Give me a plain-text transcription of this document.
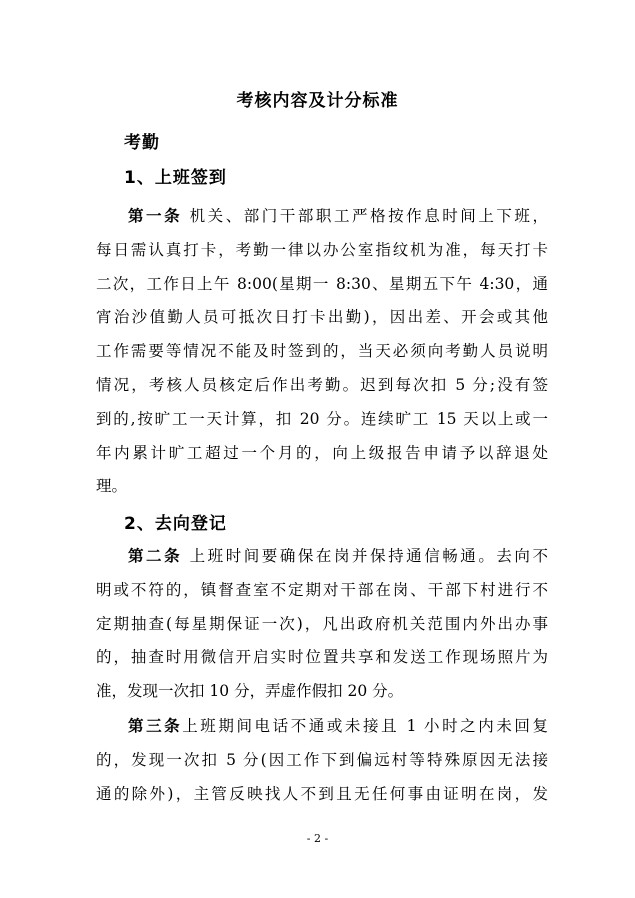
考核内容及计分标准
考勤
1、上班签到
第一条 机关、部门干部职工严格按作息时间上下班，
每日需认真打卡，考勤一律以办公室指纹机为准，每天打卡
二次，工作日上午 8:00(星期一 8:30、星期五下午 4:30，通
宵治沙值勤人员可抵次日打卡出勤)，因出差、开会或其他
工作需要等情况不能及时签到的，当天必须向考勤人员说明
情况，考核人员核定后作出考勤。迟到每次扣 5 分;没有签
到的,按旷工一天计算，扣 20 分。连续旷工 15 天以上或一
年内累计旷工超过一个月的，向上级报告申请予以辞退处
理。
2、去向登记
第二条 上班时间要确保在岗并保持通信畅通。去向不
明或不符的，镇督查室不定期对干部在岗、干部下村进行不
定期抽查(每星期保证一次)，凡出政府机关范围内外出办事
的，抽查时用微信开启实时位置共享和发送工作现场照片为
准，发现一次扣 10 分，弄虚作假扣 20 分。
第三条上班期间电话不通或未接且 1 小时之内未回复
的，发现一次扣 5 分(因工作下到偏远村等特殊原因无法接
通的除外)，主管反映找人不到且无任何事由证明在岗，发
- 2 -
